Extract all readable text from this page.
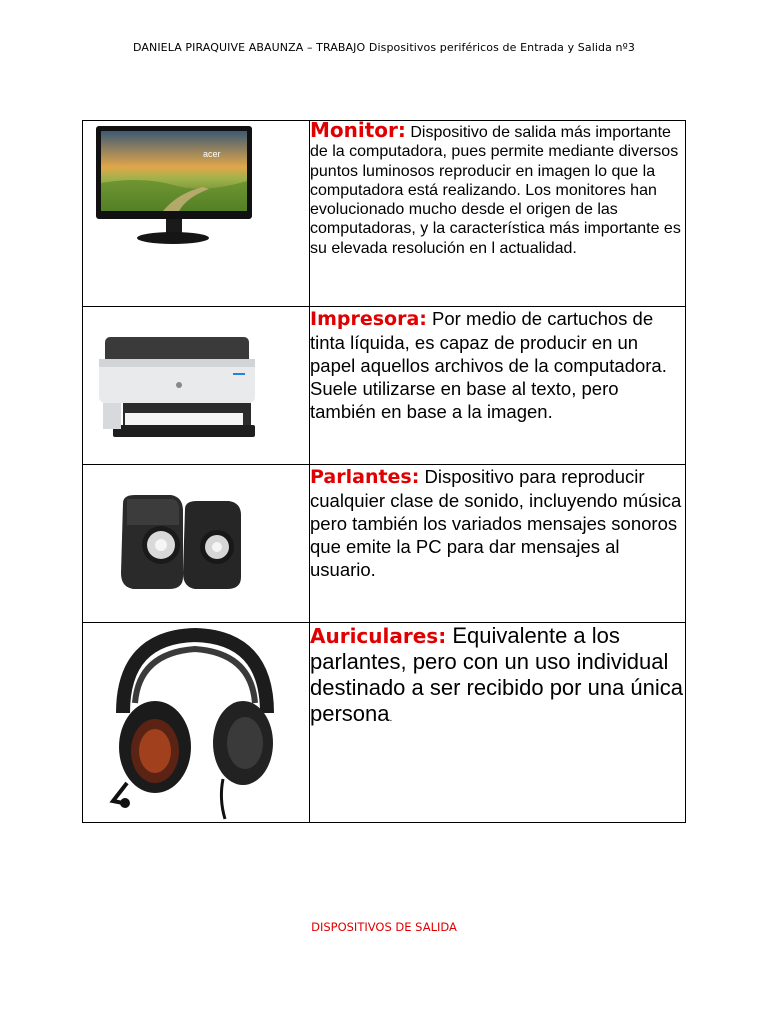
DANIELA PIRAQUIVE ABAUNZA – TRABAJO Dispositivos periféricos de Entrada y Salida nº3
acer	Monitor: Dispositivo de salida más importante de la computadora, pues permite mediante diversos puntos luminosos reproducir en imagen lo que la computadora está realizando. Los monitores han evolucionado mucho desde el origen de las computadoras, y la característica más importante es su elevada resolución en l actualidad.

	Impresora: Por medio de cartuchos de tinta líquida, es capaz de producir en un papel aquellos archivos de la computadora. Suele utilizarse en base al texto, pero también en base a la imagen.

	Parlantes: Dispositivo para reproducir cualquier clase de sonido, incluyendo música pero también los variados mensajes sonoros que emite la PC para dar mensajes al usuario.

	Auriculares: Equivalente a los parlantes, pero con un uso individual destinado a ser recibido por una única persona.
DISPOSITIVOS DE SALIDA
